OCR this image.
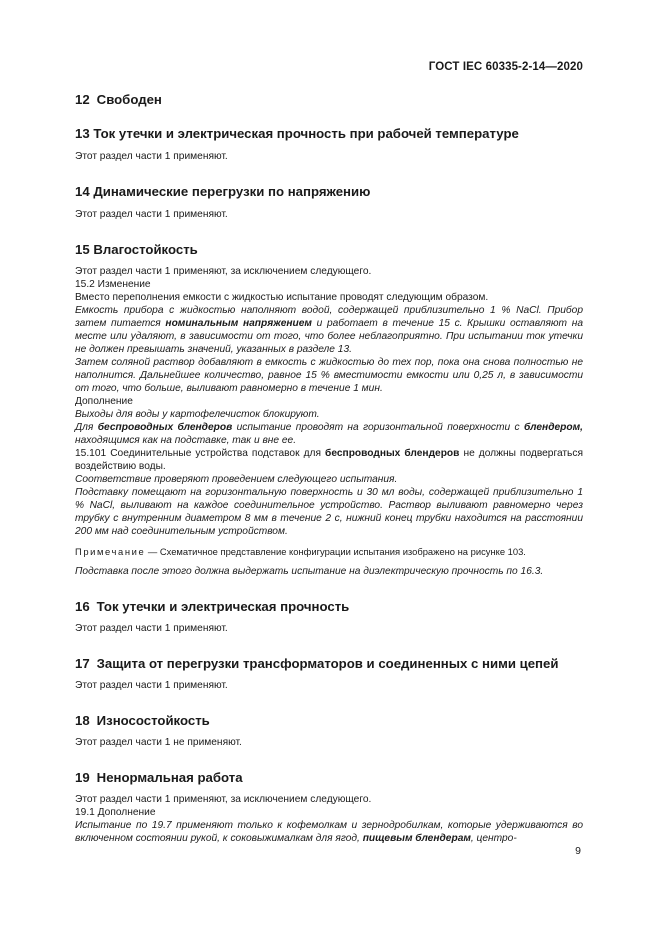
ГОСТ IEC 60335-2-14—2020
12 Свободен
13 Ток утечки и электрическая прочность при рабочей температуре

Этот раздел части 1 применяют.

14 Динамические перегрузки по напряжению

Этот раздел части 1 применяют.

15 Влагостойкость

Этот раздел части 1 применяют, за исключением следующего.

15.2 Изменение

Вместо переполнения емкости с жидкостью испытание проводят следующим образом.

Емкость прибора с жидкостью наполняют водой, содержащей приблизительно 1 % NaCl. Прибор затем питается номинальным напряжением и работает в течение 15 с. Крышки оставляют на месте или удаляют, в зависимости от того, что более неблагоприятно. При испытании ток утечки не должен превышать значений, указанных в разделе 13.

Затем соляной раствор добавляют в емкость с жидкостью до тех пор, пока она снова полностью не наполнится. Дальнейшее количество, равное 15 % вместимости емкости или 0,25 л, в зависимости от того, что больше, выливают равномерно в течение 1 мин.

Дополнение

Выходы для воды у картофелечисток блокируют.

Для беспроводных блендеров испытание проводят на горизонтальной поверхности с блендером, находящимся как на подставке, так и вне ее.

15.101 Соединительные устройства подставок для беспроводных блендеров не должны подвергаться воздействию воды.

Соответствие проверяют проведением следующего испытания.

Подставку помещают на горизонтальную поверхность и 30 мл воды, содержащей приблизительно 1 % NaCl, выливают на каждое соединительное устройство. Раствор выливают равномерно через трубку с внутренним диаметром 8 мм в течение 2 с, нижний конец трубки находится на расстоянии 200 мм над соединительным устройством.

Примечание — Схематичное представление конфигурации испытания изображено на рисунке 103.

Подставка после этого должна выдержать испытание на диэлектрическую прочность по 16.3.

16 Ток утечки и электрическая прочность

Этот раздел части 1 применяют.

17 Защита от перегрузки трансформаторов и соединенных с ними цепей

Этот раздел части 1 применяют.

18 Износостойкость

Этот раздел части 1 не применяют.

19 Ненормальная работа

Этот раздел части 1 применяют, за исключением следующего.

19.1 Дополнение

Испытание по 19.7 применяют только к кофемолкам и зернодробилкам, которые удерживаются во включенном состоянии рукой, к соковыжималкам для ягод, пищевым блендерам, центро-

9
